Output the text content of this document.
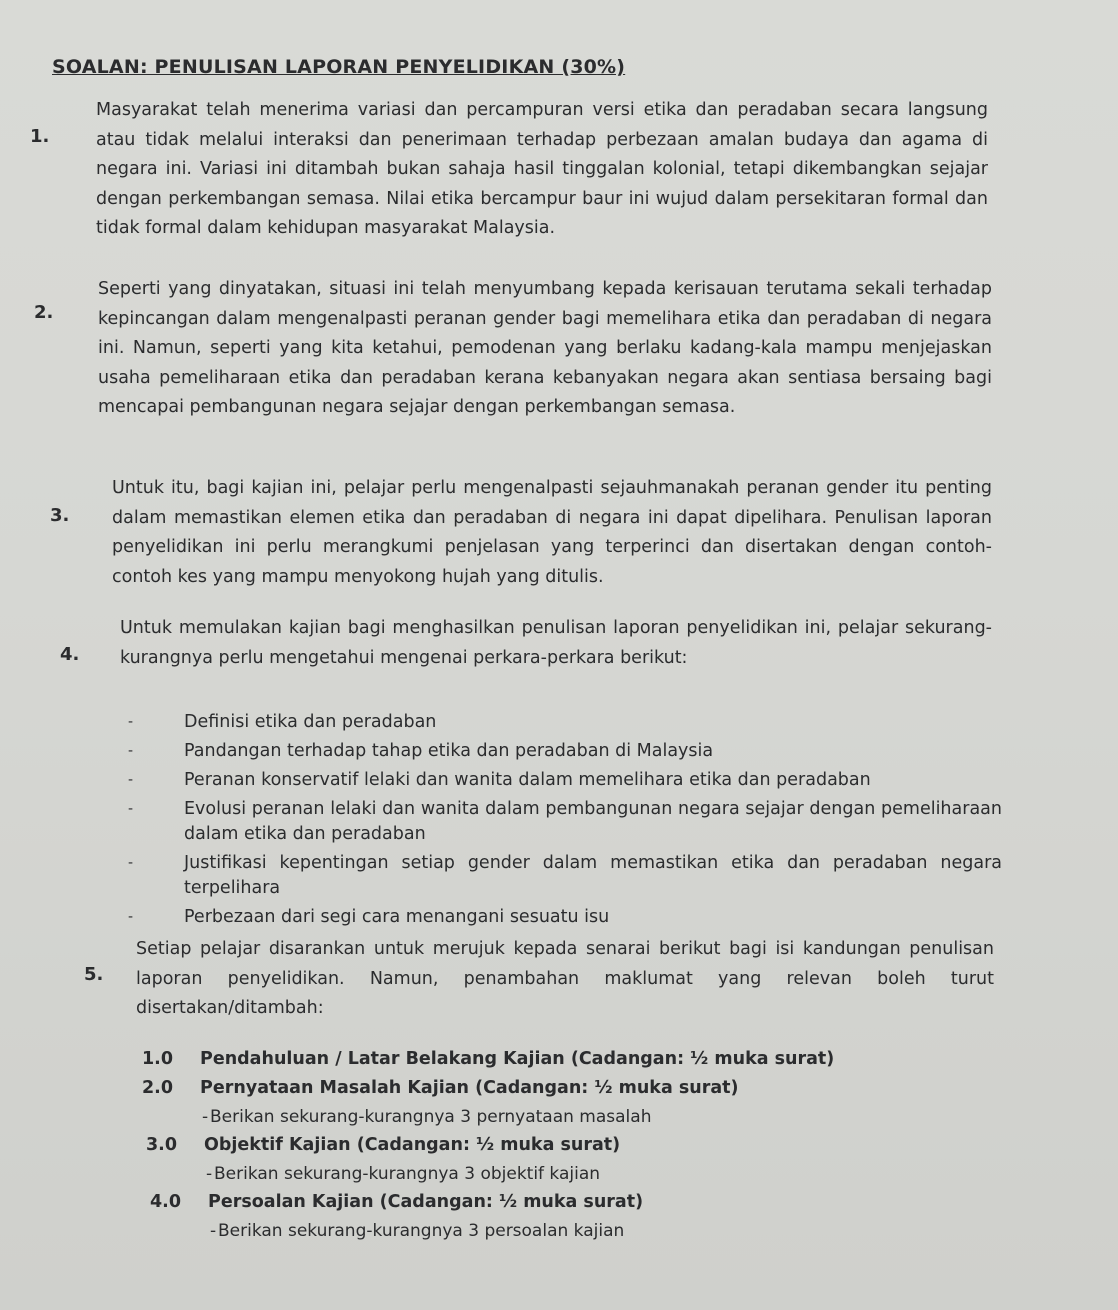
SOALAN: PENULISAN LAPORAN PENYELIDIKAN (30%)
1.
Masyarakat telah menerima variasi dan percampuran versi etika dan peradaban secara langsung atau tidak melalui interaksi dan penerimaan terhadap perbezaan amalan budaya dan agama di negara ini. Variasi ini ditambah bukan sahaja hasil tinggalan kolonial, tetapi dikembangkan sejajar dengan perkembangan semasa. Nilai etika bercampur baur ini wujud dalam persekitaran formal dan tidak formal dalam kehidupan masyarakat Malaysia.
2.
Seperti yang dinyatakan, situasi ini telah menyumbang kepada kerisauan terutama sekali terhadap kepincangan dalam mengenalpasti peranan gender bagi memelihara etika dan peradaban di negara ini. Namun, seperti yang kita ketahui, pemodenan yang berlaku kadang-kala mampu menjejaskan usaha pemeliharaan etika dan peradaban kerana kebanyakan negara akan sentiasa bersaing bagi mencapai pembangunan negara sejajar dengan perkembangan semasa.
3.
Untuk itu, bagi kajian ini, pelajar perlu mengenalpasti sejauhmanakah peranan gender itu penting dalam memastikan elemen etika dan peradaban di negara ini dapat dipelihara. Penulisan laporan penyelidikan ini perlu merangkumi penjelasan yang terperinci dan disertakan dengan contoh-contoh kes yang mampu menyokong hujah yang ditulis.
4.
Untuk memulakan kajian bagi menghasilkan penulisan laporan penyelidikan ini, pelajar sekurang-kurangnya perlu mengetahui mengenai perkara-perkara berikut:
-	Definisi etika dan peradaban
-	Pandangan terhadap tahap etika dan peradaban di Malaysia
-	Peranan konservatif lelaki dan wanita dalam memelihara etika dan peradaban
-	Evolusi peranan lelaki dan wanita dalam pembangunan negara sejajar dengan pemeliharaan dalam etika dan peradaban
-	Justifikasi kepentingan setiap gender dalam memastikan etika dan peradaban negara terpelihara
-	Perbezaan dari segi cara menangani sesuatu isu
5.
Setiap pelajar disarankan untuk merujuk kepada senarai berikut bagi isi kandungan penulisan laporan penyelidikan. Namun, penambahan maklumat yang relevan boleh turut disertakan/ditambah:
1.0 Pendahuluan / Latar Belakang Kajian (Cadangan: ½ muka surat)
2.0 Pernyataan Masalah Kajian (Cadangan: ½ muka surat)
- Berikan sekurang-kurangnya 3 pernyataan masalah
3.0 Objektif Kajian (Cadangan: ½ muka surat)
- Berikan sekurang-kurangnya 3 objektif kajian
4.0 Persoalan Kajian (Cadangan: ½ muka surat)
- Berikan sekurang-kurangnya 3 persoalan kajian
